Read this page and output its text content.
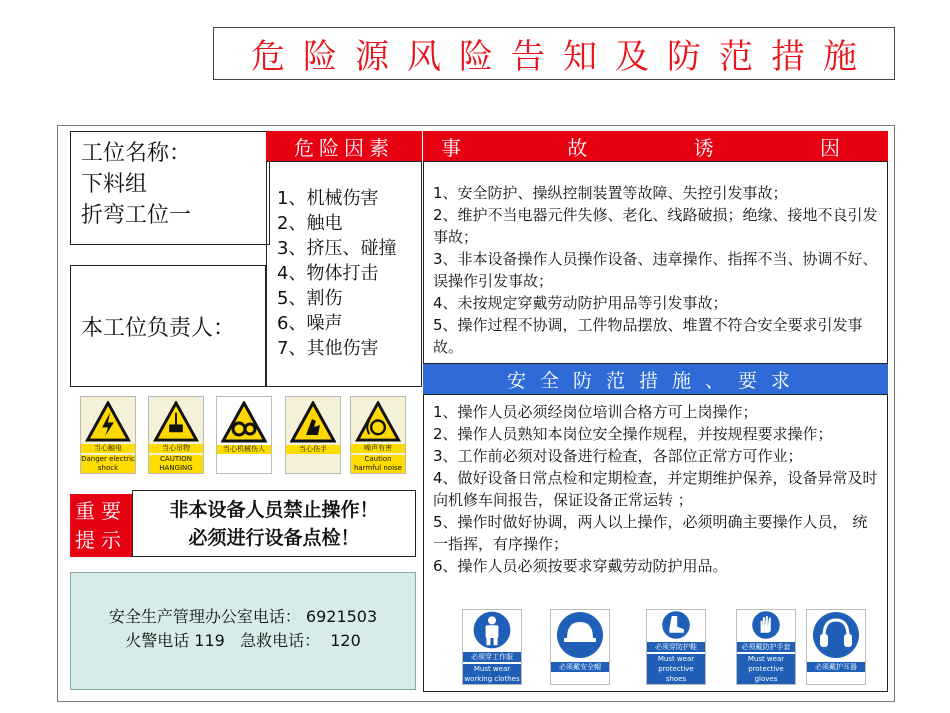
危险源风险告知及防范措施
工位名称：
下料组
折弯工位一
本工位负责人：
危险因素
1、机械伤害
2、触电
3、挤压、碰撞
4、物体打击
5、割伤
6、噪声
7、其他伤害
事 故 诱 因
1、安全防护、操纵控制装置等故障、失控引发事故；
2、维护不当电器元件失修、老化、线路破损；绝缘、接地不良引发事故；
3、非本设备操作人员操作设备、违章操作、指挥不当、协调不好、误操作引发事故；
4、未按规定穿戴劳动防护用品等引发事故；
5、操作过程不协调，工件物品摆放、堆置不符合安全要求引发事故。
安全防范措施、要求
1、操作人员必须经岗位培训合格方可上岗操作；
2、操作人员熟知本岗位安全操作规程，并按规程要求操作；
3、工作前必须对设备进行检查，各部位正常方可作业；
4、做好设备日常点检和定期检查，并定期维护保养，设备异常及时向机修车间报告，保证设备正常运转 ；
5、操作时做好协调，两人以上操作，必须明确主要操作人员， 统一指挥，有序操作；
6、操作人员必须按要求穿戴劳动防护用品。
当心触电
Danger electric shock
当心吊物
CAUTION HANGING
当心机械伤人	当心伤手	噪声有害
Caution harmful noise
重要
提示
非本设备人员禁止操作！
必须进行设备点检！
安全生产管理办公室电话： 6921503
火警电话 119   急救电话：  120
必须穿工作服
Must wear working clothes
必须戴安全帽
必须穿防护鞋
Must wear protective shoes
必须戴防护手套
Must wear protective gloves
必须戴护耳器
